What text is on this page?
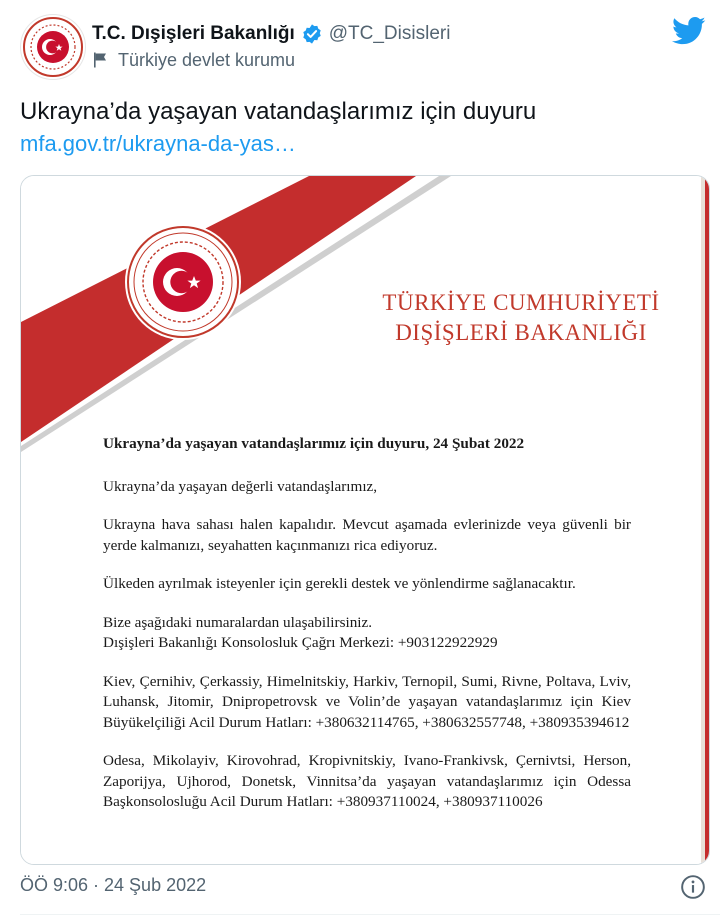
T.C. Dışişleri Bakanlığı @TC_Disisleri
Türkiye devlet kurumu
Ukrayna’da yaşayan vatandaşlarımız için duyuru
mfa.gov.tr/ukrayna-da-yas…
TÜRKİYE CUMHURİYETİ
DIŞİŞLERİ BAKANLIĞI

Ukrayna’da yaşayan vatandaşlarımız için duyuru, 24 Şubat 2022

Ukrayna’da yaşayan değerli vatandaşlarımız,

Ukrayna hava sahası halen kapalıdır. Mevcut aşamada evlerinizde veya güvenli bir yerde kalmanızı, seyahatten kaçınmanızı rica ediyoruz.

Ülkeden ayrılmak isteyenler için gerekli destek ve yönlendirme sağlanacaktır.

Bize aşağıdaki numaralardan ulaşabilirsiniz.

Dışişleri Bakanlığı Konsolosluk Çağrı Merkezi: +903122922929

Kiev, Çernihiv, Çerkassiy, Himelnitskiy, Harkiv, Ternopil, Sumi, Rivne, Poltava, Lviv, Luhansk, Jitomir, Dnipropetrovsk ve Volin’de yaşayan vatandaşlarımız için Kiev Büyükelçiliği Acil Durum Hatları: +380632114765, +380632557748, +380935394612

Odesa, Mikolayiv, Kirovohrad, Kropivnitskiy, Ivano-Frankivsk, Çernivtsi, Herson, Zaporijya, Ujhorod, Donetsk, Vinnitsa’da yaşayan vatandaşlarımız için Odessa Başkonsolosluğu Acil Durum Hatları: +380937110024, +380937110026

ÖÖ 9:06 · 24 Şub 2022
